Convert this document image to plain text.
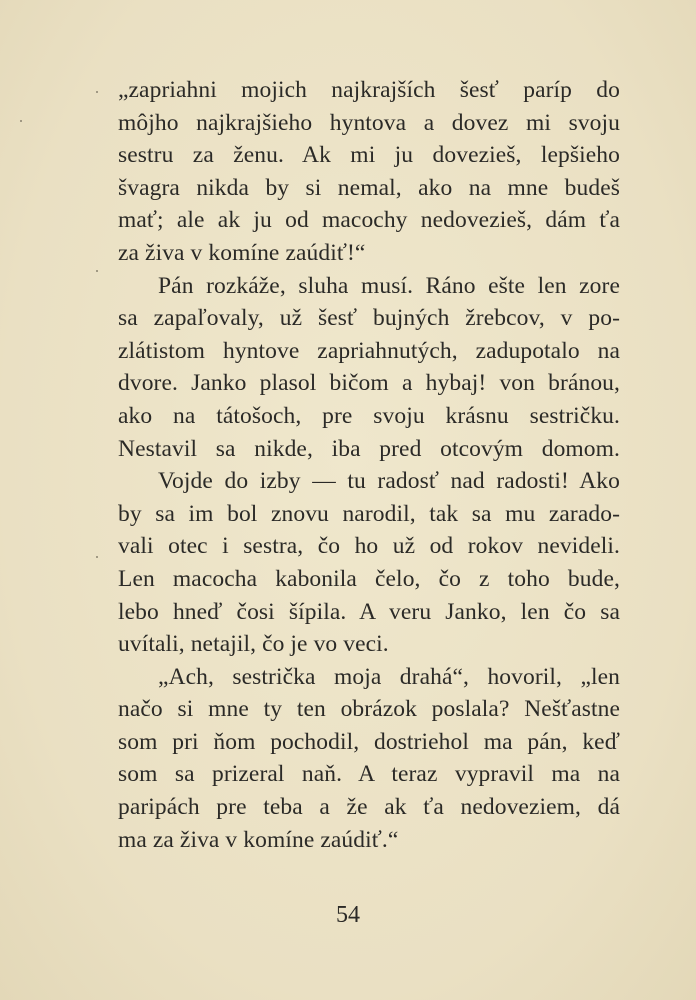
„zapriahni mojich najkrajších šesť paríp do
môjho najkrajšieho hyntova a dovez mi svoju
sestru za ženu. Ak mi ju dovezieš, lepšieho
švagra nikda by si nemal, ako na mne budeš
mať; ale ak ju od macochy nedovezieš, dám ťa
za živa v komíne zaúdiť!“
Pán rozkáže, sluha musí. Ráno ešte len zore
sa zapaľovaly, už šesť bujných žrebcov, v po-
zlátistom hyntove zapriahnutých, zadupotalo na
dvore. Janko plasol bičom a hybaj! von bránou,
ako na tátošoch, pre svoju krásnu sestričku.
Nestavil sa nikde, iba pred otcovým domom.
Vojde do izby — tu radosť nad radosti! Ako
by sa im bol znovu narodil, tak sa mu zarado-
vali otec i sestra, čo ho už od rokov nevideli.
Len macocha kabonila čelo, čo z toho bude,
lebo hneď čosi šípila. A veru Janko, len čo sa
uvítali, netajil, čo je vo veci.
„Ach, sestrička moja drahá“, hovoril, „len
načo si mne ty ten obrázok poslala? Nešťastne
som pri ňom pochodil, dostriehol ma pán, keď
som sa prizeral naň. A teraz vypravil ma na
paripách pre teba a že ak ťa nedoveziem, dá
ma za živa v komíne zaúdiť.“
54
